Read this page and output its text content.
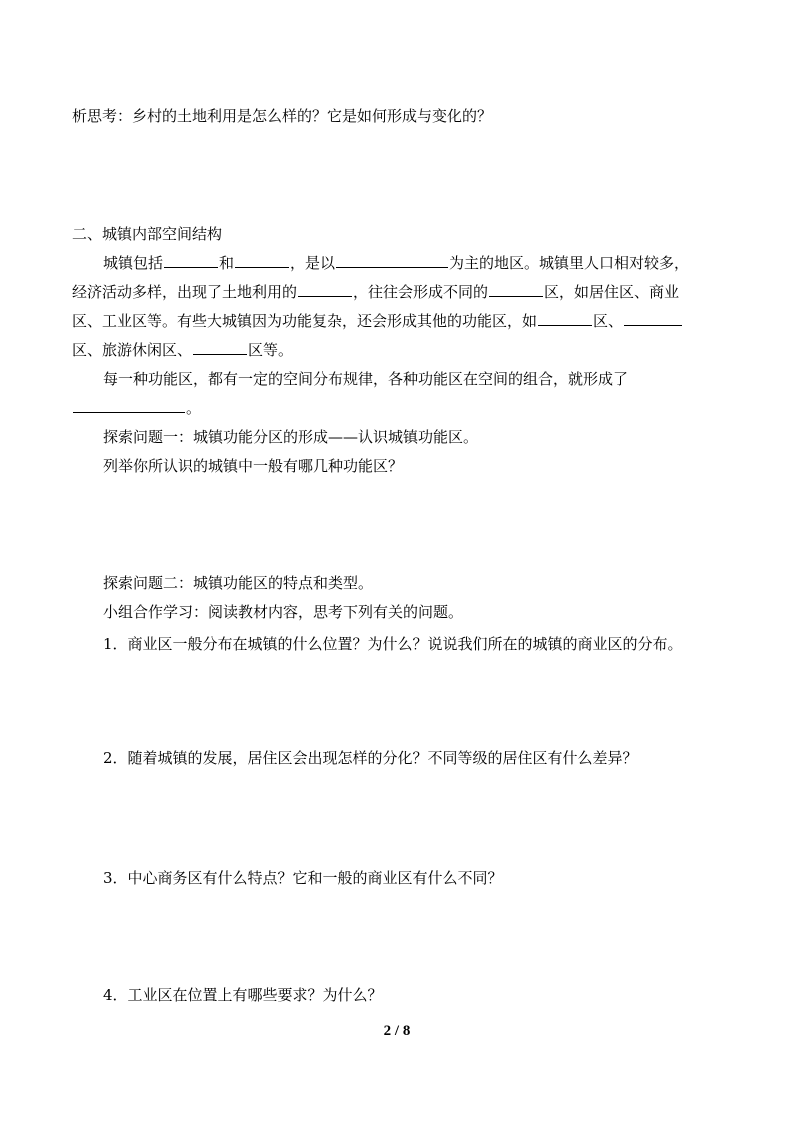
析思考：乡村的土地利用是怎么样的？它是如何形成与变化的？
二、城镇内部空间结构
城镇包括	和	，是以	为主的地区。城镇里人口相对较多，
经济活动多样，出现了土地利用的	，往往会形成不同的	区，如居住区、商业
区、工业区等。有些大城镇因为功能复杂，还会形成其他的功能区，如	区、
区、旅游休闲区、	区等。
每一种功能区，都有一定的空间分布规律，各种功能区在空间的组合，就形成了
。
探索问题一：城镇功能分区的形成——认识城镇功能区。
列举你所认识的城镇中一般有哪几种功能区？
探索问题二：城镇功能区的特点和类型。
小组合作学习：阅读教材内容，思考下列有关的问题。
1．商业区一般分布在城镇的什么位置？为什么？说说我们所在的城镇的商业区的分布。
2．随着城镇的发展，居住区会出现怎样的分化？不同等级的居住区有什么差异？
3．中心商务区有什么特点？它和一般的商业区有什么不同？
4．工业区在位置上有哪些要求？为什么？
2 / 8
